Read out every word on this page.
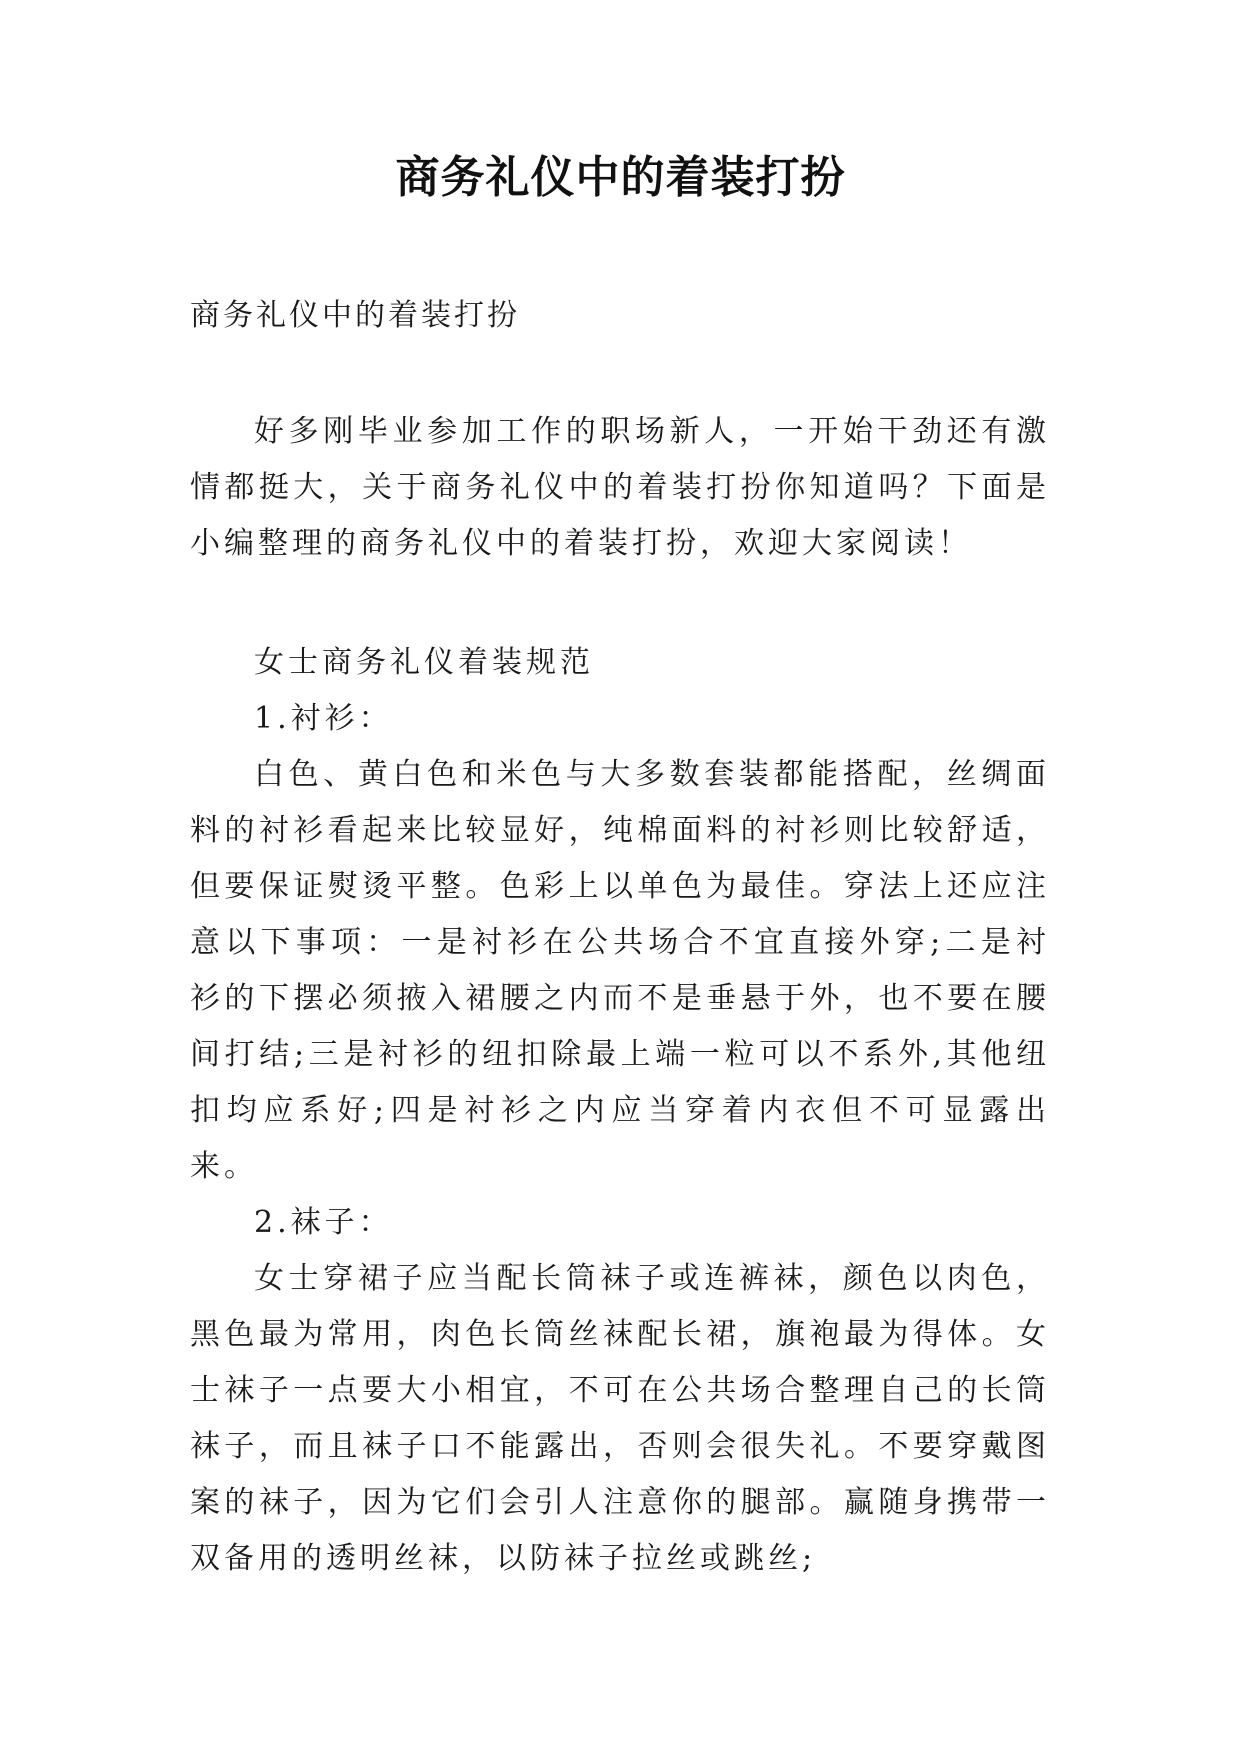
商务礼仪中的着装打扮

商务礼仪中的着装打扮

好多刚毕业参加工作的职场新人，一开始干劲还有激情都挺大，关于商务礼仪中的着装打扮你知道吗？下面是小编整理的商务礼仪中的着装打扮，欢迎大家阅读！

女士商务礼仪着装规范

1.衬衫：

白色、黄白色和米色与大多数套装都能搭配，丝绸面料的衬衫看起来比较显好，纯棉面料的衬衫则比较舒适，但要保证熨烫平整。色彩上以单色为最佳。穿法上还应注意以下事项：一是衬衫在公共场合不宜直接外穿;二是衬衫的下摆必须掖入裙腰之内而不是垂悬于外，也不要在腰间打结;三是衬衫的纽扣除最上端一粒可以不系外,其他纽扣均应系好;四是衬衫之内应当穿着内衣但不可显露出来。

2.袜子：

女士穿裙子应当配长筒袜子或连裤袜，颜色以肉色，黑色最为常用，肉色长筒丝袜配长裙，旗袍最为得体。女士袜子一点要大小相宜，不可在公共场合整理自己的长筒袜子，而且袜子口不能露出，否则会很失礼。不要穿戴图案的袜子，因为它们会引人注意你的腿部。赢随身携带一双备用的透明丝袜，以防袜子拉丝或跳丝;
